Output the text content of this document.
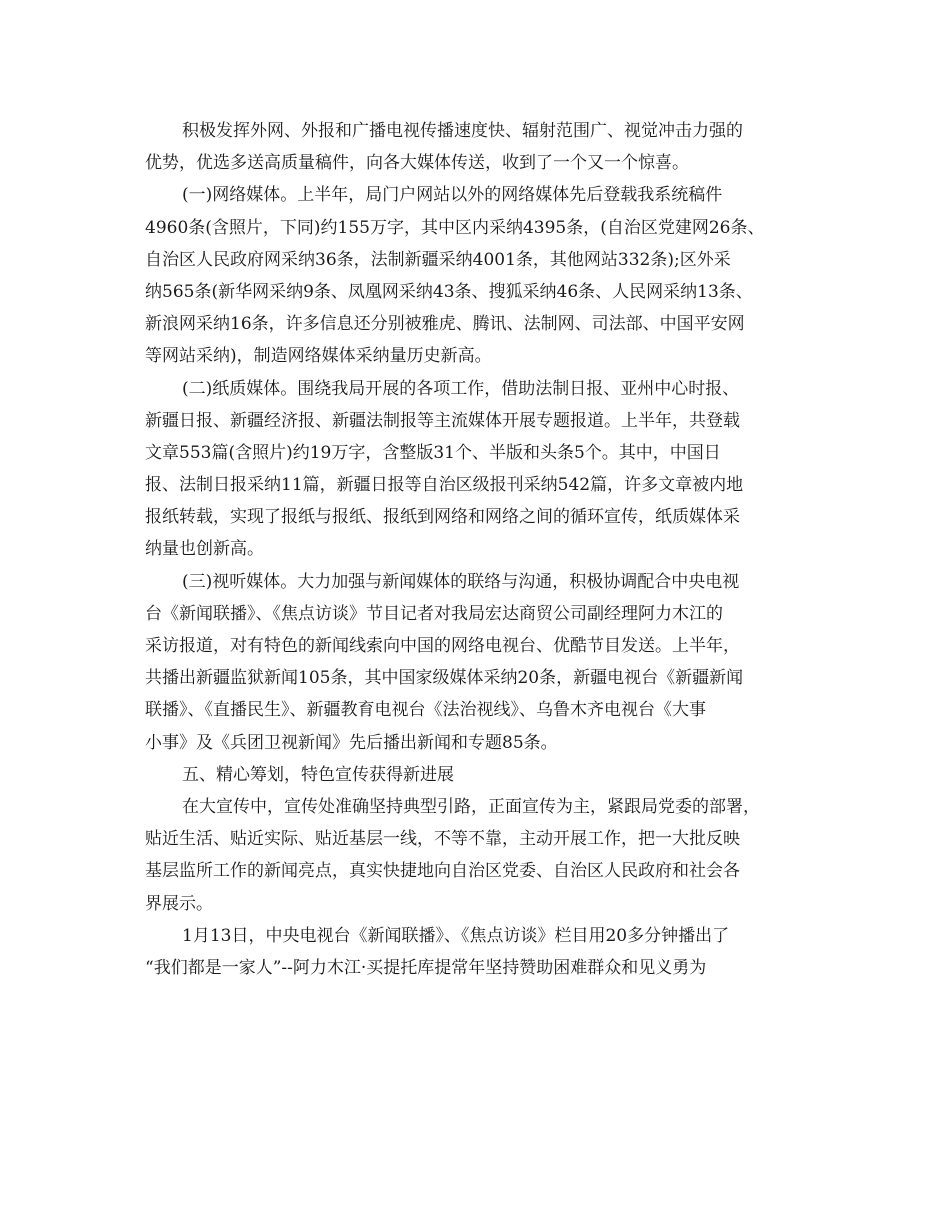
积极发挥外网、外报和广播电视传播速度快、辐射范围广、视觉冲击力强的
优势，优选多送高质量稿件，向各大媒体传送，收到了一个又一个惊喜。
(一)网络媒体。上半年，局门户网站以外的网络媒体先后登载我系统稿件
4960条(含照片，下同)约155万字，其中区内采纳4395条，(自治区党建网26条、
自治区人民政府网采纳36条，法制新疆采纳4001条，其他网站332条);区外采
纳565条(新华网采纳9条、凤凰网采纳43条、搜狐采纳46条、人民网采纳13条、
新浪网采纳16条，许多信息还分别被雅虎、腾讯、法制网、司法部、中国平安网
等网站采纳)，制造网络媒体采纳量历史新高。
(二)纸质媒体。围绕我局开展的各项工作，借助法制日报、亚州中心时报、
新疆日报、新疆经济报、新疆法制报等主流媒体开展专题报道。上半年，共登载
文章553篇(含照片)约19万字，含整版31个、半版和头条5个。其中，中国日
报、法制日报采纳11篇，新疆日报等自治区级报刊采纳542篇，许多文章被内地
报纸转载，实现了报纸与报纸、报纸到网络和网络之间的循环宣传，纸质媒体采
纳量也创新高。
(三)视听媒体。大力加强与新闻媒体的联络与沟通，积极协调配合中央电视
台《新闻联播》、《焦点访谈》节目记者对我局宏达商贸公司副经理阿力木江的
采访报道，对有特色的新闻线索向中国的网络电视台、优酷节目发送。上半年，
共播出新疆监狱新闻105条，其中国家级媒体采纳20条，新疆电视台《新疆新闻
联播》、《直播民生》、新疆教育电视台《法治视线》、乌鲁木齐电视台《大事
小事》及《兵团卫视新闻》先后播出新闻和专题85条。
五、精心筹划，特色宣传获得新进展
在大宣传中，宣传处准确坚持典型引路，正面宣传为主，紧跟局党委的部署，
贴近生活、贴近实际、贴近基层一线，不等不靠，主动开展工作，把一大批反映
基层监所工作的新闻亮点，真实快捷地向自治区党委、自治区人民政府和社会各
界展示。
1月13日，中央电视台《新闻联播》、《焦点访谈》栏目用20多分钟播出了
“我们都是一家人”--阿力木江·买提托库提常年坚持赞助困难群众和见义勇为
